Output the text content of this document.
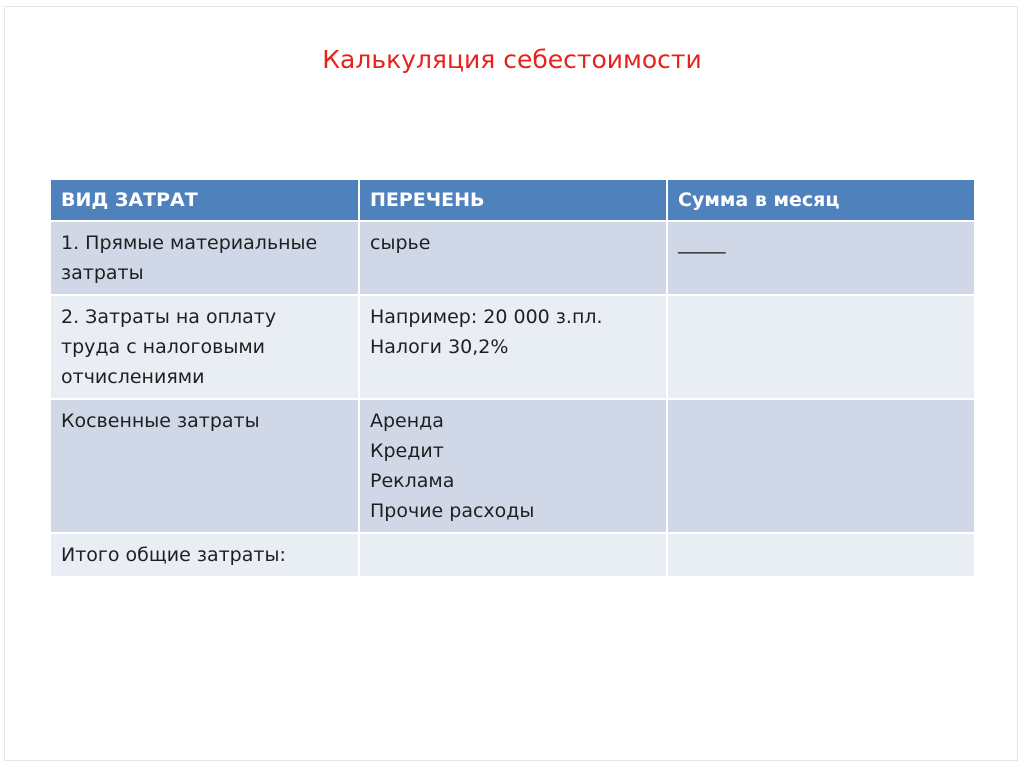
Калькуляция себестоимости
ВИД ЗАТРАТ	ПЕРЕЧЕНЬ	Сумма в месяц

1. Прямые материальные
затраты	сырье	_____

2. Затраты на оплату
труда с налоговыми
отчислениями	Например: 20 000 з.пл.
Налоги 30,2%	

Косвенные затраты	Аренда
Кредит
Реклама
Прочие расходы	

Итого общие затраты:		
